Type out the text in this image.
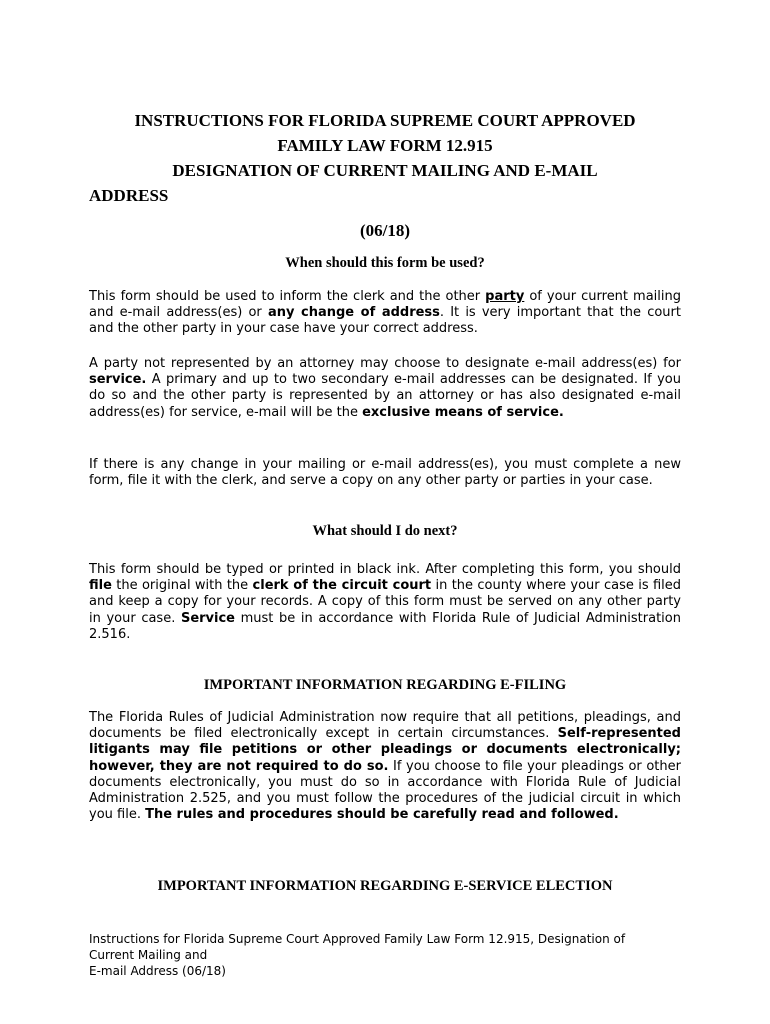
INSTRUCTIONS FOR FLORIDA SUPREME COURT APPROVED
FAMILY LAW FORM 12.915
DESIGNATION OF CURRENT MAILING AND E-MAIL
ADDRESS
(06/18)
When should this form be used?
This form should be used to inform the clerk and the other party of your current mailing and e-mail address(es) or any change of address. It is very important that the court and the other party in your case have your correct address.
A party not represented by an attorney may choose to designate e-mail address(es) for service. A primary and up to two secondary e-mail addresses can be designated. If you do so and the other party is represented by an attorney or has also designated e-mail address(es) for service, e-mail will be the exclusive means of service.
If there is any change in your mailing or e-mail address(es), you must complete a new form, file it with the clerk, and serve a copy on any other party or parties in your case.
What should I do next?
This form should be typed or printed in black ink. After completing this form, you should file the original with the clerk of the circuit court in the county where your case is filed and keep a copy for your records. A copy of this form must be served on any other party in your case. Service must be in accordance with Florida Rule of Judicial Administration 2.516.
IMPORTANT INFORMATION REGARDING E-FILING
The Florida Rules of Judicial Administration now require that all petitions, pleadings, and documents be filed electronically except in certain circumstances. Self-represented litigants may file petitions or other pleadings or documents electronically; however, they are not required to do so. If you choose to file your pleadings or other documents electronically, you must do so in accordance with Florida Rule of Judicial Administration 2.525, and you must follow the procedures of the judicial circuit in which you file. The rules and procedures should be carefully read and followed.
IMPORTANT INFORMATION REGARDING E-SERVICE ELECTION
Instructions for Florida Supreme Court Approved Family Law Form 12.915, Designation of
Current Mailing and
E-mail Address (06/18)
